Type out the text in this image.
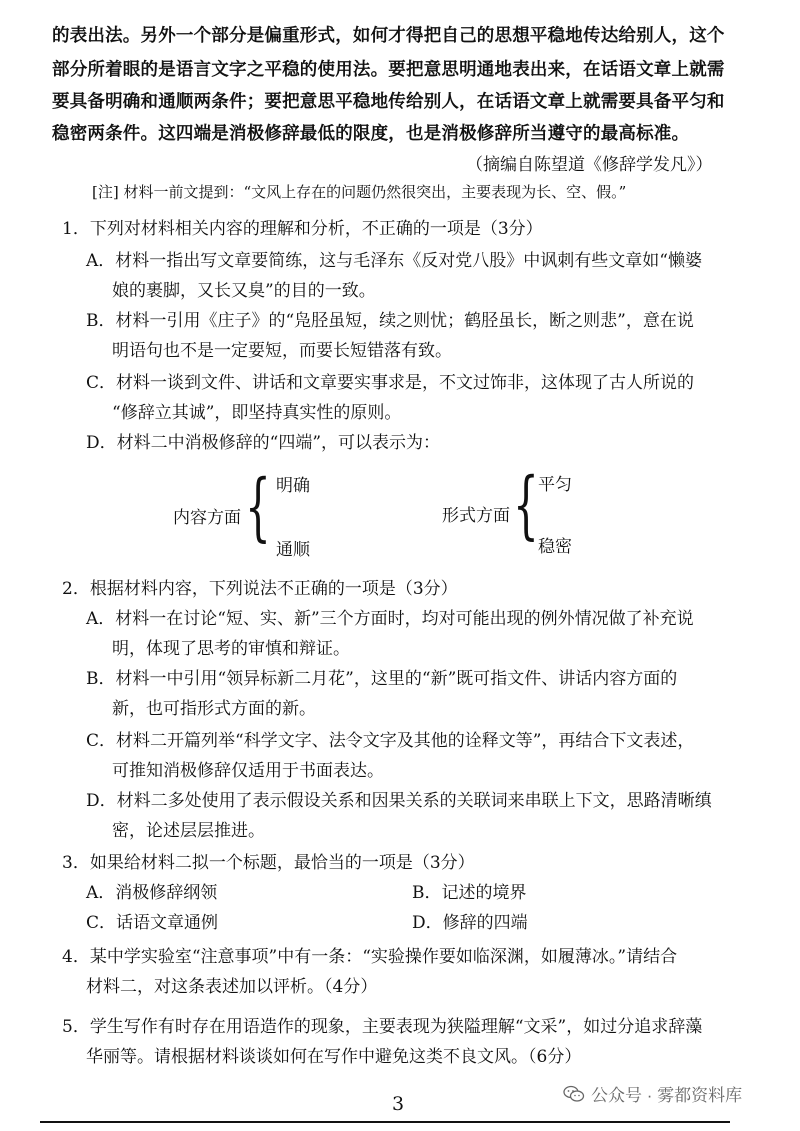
的表出法。另外一个部分是偏重形式，如何才得把自己的思想平稳地传达给别人，这个
部分所着眼的是语言文字之平稳的使用法。要把意思明通地表出来，在话语文章上就需
要具备明确和通顺两条件；要把意思平稳地传给别人，在话语文章上就需要具备平匀和
稳密两条件。这四端是消极修辞最低的限度，也是消极修辞所当遵守的最高标准。
（摘编自陈望道《修辞学发凡》）
[注] 材料一前文提到：“文风上存在的问题仍然很突出，主要表现为长、空、假。”
1．下列对材料相关内容的理解和分析，不正确的一项是（3分）
A．材料一指出写文章要简练，这与毛泽东《反对党八股》中讽刺有些文章如“懒婆
娘的裹脚，又长又臭”的目的一致。
B．材料一引用《庄子》的“凫胫虽短，续之则忧；鹤胫虽长，断之则悲”，意在说
明语句也不是一定要短，而要长短错落有致。
C．材料一谈到文件、讲话和文章要实事求是，不文过饰非，这体现了古人所说的
“修辞立其诚”，即坚持真实性的原则。
D．材料二中消极修辞的“四端”，可以表示为：
内容方面 { 明确
通顺
形式方面 { 平匀
稳密
2．根据材料内容，下列说法不正确的一项是（3分）
A．材料一在讨论“短、实、新”三个方面时，均对可能出现的例外情况做了补充说
明，体现了思考的审慎和辩证。
B．材料一中引用“领异标新二月花”，这里的“新”既可指文件、讲话内容方面的
新，也可指形式方面的新。
C．材料二开篇列举“科学文字、法令文字及其他的诠释文等”，再结合下文表述，
可推知消极修辞仅适用于书面表达。
D．材料二多处使用了表示假设关系和因果关系的关联词来串联上下文，思路清晰缜
密，论述层层推进。
3．如果给材料二拟一个标题，最恰当的一项是（3分）
A．消极修辞纲领	B．记述的境界
C．话语文章通例	D．修辞的四端
4．某中学实验室“注意事项”中有一条：“实验操作要如临深渊，如履薄冰。”请结合
材料二，对这条表述加以评析。（4分）
5．学生写作有时存在用语造作的现象，主要表现为狭隘理解“文采”，如过分追求辞藻
华丽等。请根据材料谈谈如何在写作中避免这类不良文风。（6分）
公众号 · 雾都资料库
3
